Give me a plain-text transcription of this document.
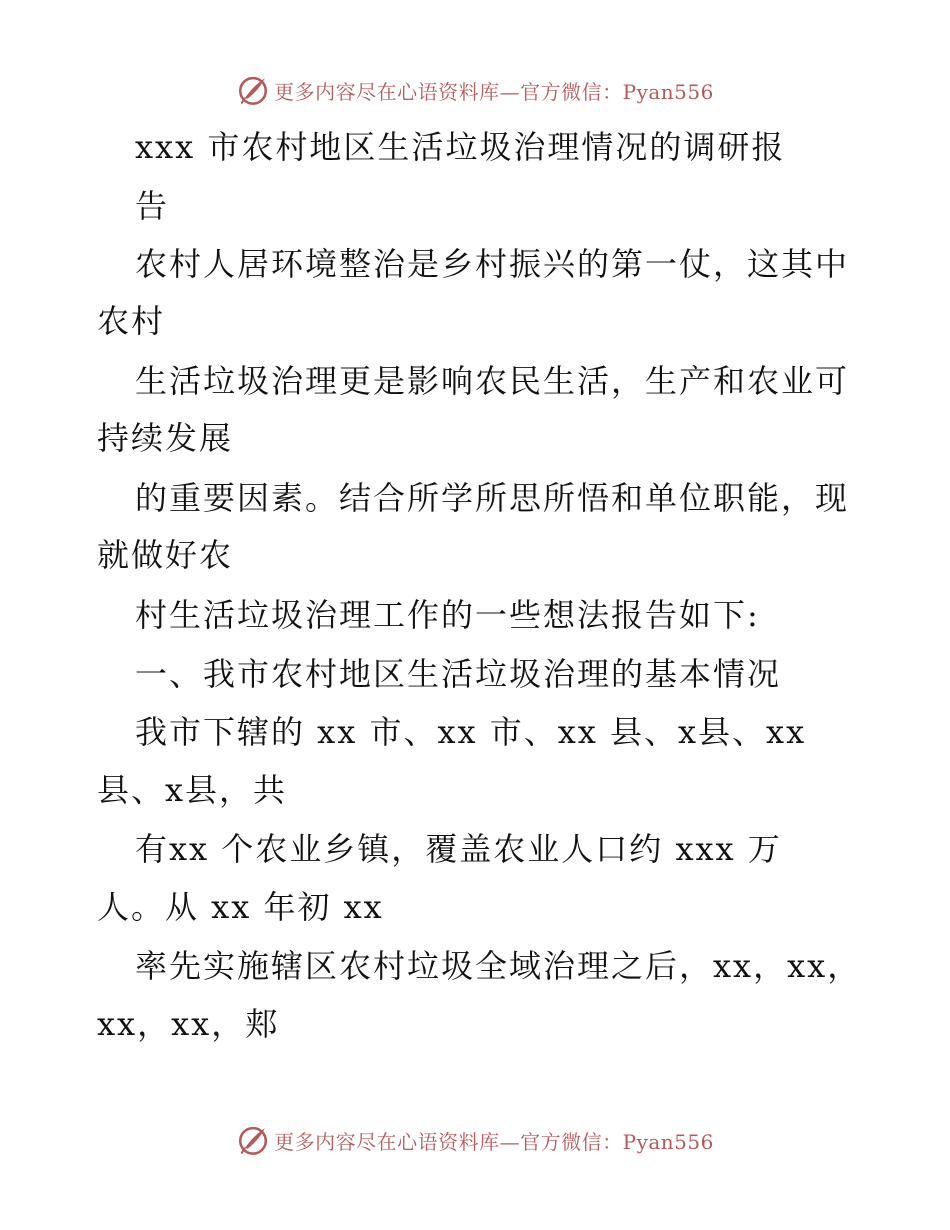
更多内容尽在心语资料库—官方微信：Pyan556
xxx 市农村地区生活垃圾治理情况的调研报
告
农村人居环境整治是乡村振兴的第一仗，这其中
农村
生活垃圾治理更是影响农民生活，生产和农业可
持续发展
的重要因素。结合所学所思所悟和单位职能，现
就做好农
村生活垃圾治理工作的一些想法报告如下:
一、我市农村地区生活垃圾治理的基本情况
我市下辖的 xx 市、xx 市、xx 县、x县、xx
县、x县，共
有xx 个农业乡镇，覆盖农业人口约 xxx 万
人。从 xx 年初 xx
率先实施辖区农村垃圾全域治理之后，xx，xx，
xx，xx，郏
更多内容尽在心语资料库—官方微信：Pyan556
